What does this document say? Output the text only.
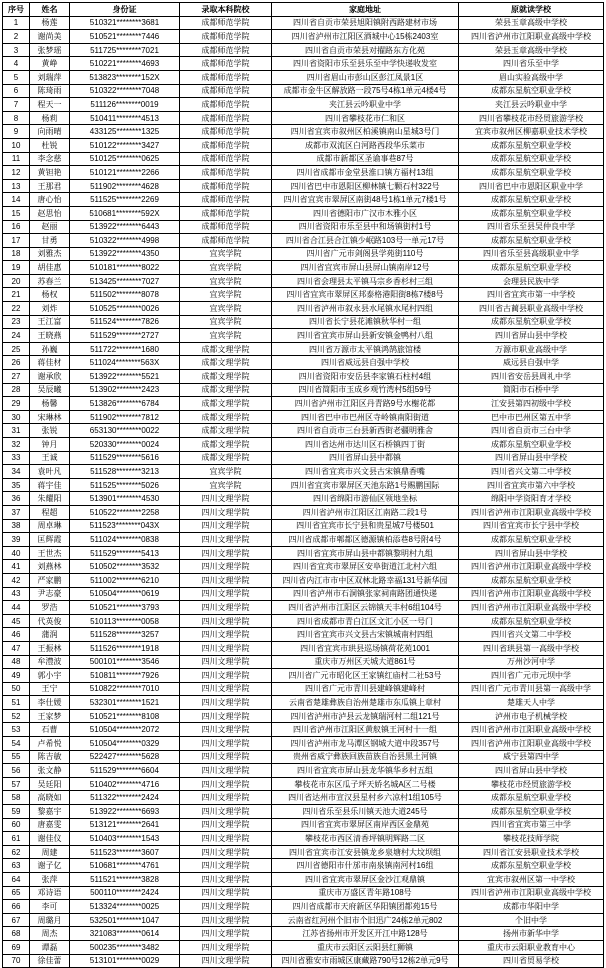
序号	姓名	身份证	录取本科院校	家庭地址	原就读学校
1	杨莲	510321********3681	成都师范学院	四川省自贡市荣县旭阳镇附西路建材市场	荣县玉章高级中学校
2	谢尚美	510521********7446	成都师范学院	四川省泸州市江阳区酒城中心15栋2403室	四川省泸州市江阳职业高级中学校
3	张梦瑶	511725********7021	成都师范学院	四川省自贡市荣县对擢路东方化苑	荣县玉章高级中学校
4	黄峥	510221********4693	成都师范学院	四川省资阳市乐至县乐至中学快递收发室	四川省乐至中学
5	刘瑞萍	513823********152X	成都师范学院	四川省眉山市彭山区彭江凤景1区	眉山实验高级中学
6	陈琦雨	510322********7048	成都师范学院	成都市金牛区解放路一段75号4栋1单元4楼4号	成都东星航空职业学校
7	程天一	511126********0019	成都师范学院	夹江县云吟职业中学	夹江县云吟职业中学
8	杨莉	510411********4513	成都师范学院	四川省攀枝花市仁和区	四川省攀枝花市经贸旅游学校
9	向雨晴	433125********1325	成都师范学院	四川省宜宾市叙州区柏溪镇南山星城3号门	宜宾市叙州区柳嘉职业技术学校
10	杜锐	510122********3427	成都师范学院	成都市双流区白河路西段华乐菜市	成都东星航空职业学校
11	李念慈	510125********0625	成都师范学院	成都市新都区圣谕事巷87号	成都东星航空职业学校
12	黄钽艳	510121********2266	成都师范学院	四川省成都市金堂县淮口镇方福村13组	成都东星航空职业学校
13	王那君	511902********4628	成都师范学院	四川省巴中市恩阳区柳林镇七颗石村322号	四川省巴中市恩阳区职业中学
14	唐心怡	511525********2269	成都师范学院	四川省宜宾市翠屏区南街48号1栋1单元7楼1号	成都东星航空职业学校
15	赵思怡	510681********592X	成都师范学院	四川省德阳市广汉市木雅小区	成都东星航空职业学校
16	赵丽	513922********6443	成都师范学院	四川省资阳市乐至县中和场镇街村1号	四川省乐至县吴仲良中学
17	甘勇	510322********4998	成都师范学院	四川省合江县合江镇少岷路103号一单元17号	成都东星航空职业学校
18	刘雅杰	513922********4350	宜宾学院	四川省广元市剑阁县学苑街110号	四川省乐至县高级职业中学
19	胡佳惠	510181********8022	宜宾学院	四川省宜宾市屏山县屏山镇南岸12号	成都东星航空职业学校
20	苏春兰	513425********7027	宜宾学院	四川省会理县太平镇马宗乡香杉村三组	会理县民族中学
21	杨权	511502********8078	宜宾学院	四川省宜宾市翠屏区邦泰格港阳街8栋7楼8号	四川省宜宾市第一中学校
22	刘炸	510525********0026	宜宾学院	四川省泸州市叙永县水尾镇水尾村四组	四川省古蔺县职业高级中学校
23	王江富	511524********7826	宜宾学院	四川省长宁县花滩镇秋华村一组	成都东星航空职业学校
24	王晓燕	511529********2727	宜宾学院	四川省宜宾市屏山县新安镇金鸭村八组	四川省屏山县中学校
25	孙巍	511722********1680	成都文理学院	四川省万源市太平镇鸿鹄旅馆楼	万源市职业高级中学
26	蒋佳材	511024********563X	成都文理学院	四川省威远县自强中学校	威远县自强中学
27	谢承欣	513922********5521	成都文理学院	四川省资阳市安岳县李家镇石柱村4组	四川省安岳县周礼中学
28	吴辰曦	513902********2423	成都文理学院	四川省简阳市玉成乡观竹湾村5组59号	简阳市石桥中学
29	杨馨	513826********6784	成都文理学院	四川省泸州市江阳区丹青路9号水榭花都	江安县第四初级中学校
30	宋琳林	511902********7812	成都文理学院	四川省巴中市巴州区寺岭镇南阳街道	巴中市巴州区第五中学
31	张锐	653130********0022	成都文理学院	四川省自贡市三台县新西街老疆明雅舍	四川省自贡市三台中学
32	钟月	520330********0024	成都文理学院	四川省达州市达川区石桥镇四丁街	成都东星航空职业学校
33	王诚	511529********5616	成都文理学院	四川省屏山县中都镇	四川省屏山县中学校
34	袁叶凡	511528********3213	宜宾学院	四川省宜宾市兴文县古宋镇鼎香嘴	四川省兴文第二中学校
35	蒋宇佳	511525********5026	宜宾学院	四川省宜宾市翠屏区天池东路1号赐鹏国际	四川省宜宾市第六中学校
36	朱耀阳	513901********4530	四川文理学院	四川省绵阳市游仙区领地坐标	绵阳中学资阳育才学校
37	程超	510522********2258	四川文理学院	四川省泸州市江阳区江南路二段1号	四川省泸州市江阳职业高级中学校
38	周卓琳	511523********043X	四川文理学院	四川省宜宾市长宁县和贵星城7号楼501	四川省宜宾市长宁县中学校
39	匡辉霞	511024********0838	四川文理学院	四川省成都市郫都区德源镇柏添巷8号附4号	成都东星航空职业学校
40	王世杰	511529********5413	四川文理学院	四川省宜宾市屏山县中都镇黎明村九组	四川省屏山县中学校
41	刘燕林	510502********3532	四川文理学院	四川省宜宾市翠屏区安阜街道江北村六组	四川省泸州市江阳职业高级中学校
42	严家鹏	511002********6210	四川文理学院	四川省内江市市中区双林北路幸福131号新华园	成都东星航空职业学校
43	尹志豪	510504********0619	四川文理学院	四川省泸州市石洞镇张家祠南路团通快递	四川省泸州市江阳职业高级中学校
44	罗浩	510521********3793	四川文理学院	四川省泸州市江阳区云锦镇天丰村6组104号	四川省泸州市江阳职业高级中学校
45	代英俊	510113********0058	四川文理学院	四川省成都市青白江区文汇小区一号门	成都东星航空职业学校
46	蒲润	511528********3257	四川文理学院	四川省宜宾市兴文县古宋镇城南村四组	四川省兴文第二中学校
47	王振林	511526********1918	四川文理学院	四川省宜宾市珙县巡场镇荷花苑1001	四川省珙县第一高级中学校
48	牟澧波	500101********3546	四川文理学院	重庆市万州区天城大道861号	万州沙河中学
49	郭小宇	510811********7926	四川文理学院	四川省广元市昭化区王家镇红庙村二社53号	四川省广元市元坝中学
50	王宁	510822********7010	四川文理学院	四川省广元市青川县建峰镇建峰村	四川省广元市青川县第一高级中学
51	李仕媛	532301********1521	四川文理学院	云南省楚雄彝族自治州楚雄市东瓜镇上章村	楚雄天人中学
52	王家梦	510521********8108	四川文理学院	四川省泸州市泸县云龙镇瑞河村二组121号	泸州市电子机械学校
53	石曹	510504********2072	四川文理学院	四川省泸州市江阳区黄舣镇王河村十一组	四川省泸州市江阳职业高级中学校
54	卢希悦	510504********0329	四川文理学院	四川省泸州市龙马潭区钢城大道中段357号	四川省泸州市江阳职业高级中学校
55	陈吉敏	522427********5628	四川文理学院	贵州省威宁彝族回族苗族自治县黑土河镇	威宁县第四中学
56	张文静	511529********6604	四川文理学院	四川省宜宾市屏山县龙华镇华乡村五组	四川省屏山县中学校
57	吴廷阳	510402********4716	四川文理学院	攀枝花市东区瓜子坪天娇名城A区二号楼	攀枝花市经贸旅游学校
58	高晓如	511322********2424	四川文理学院	四川省达州市宣汉县星村乡六凉村1组105号	成都东星航空职业学校
59	黎嘉宇	513922********6693	四川文理学院	四川省乐至县乐川镇天池大道245号	成都东星航空职业学校
60	唐嘉雯	513121********2641	四川文理学院	四川省宜宾市翠屏区南岸西区金鼎苑	四川省宜宾市第三中学
61	谢佳仪	510403********1543	四川文理学院	攀枝花市西区清香坪镇明辉路二区	攀枝花技师学院
62	周建	511523********3607	四川文理学院	四川省宜宾市江安县镇龙乡泉塘村大坟坝组	四川省江安县职业技术学校
63	谢子亿	510681********4761	四川文理学院	四川省德阳市什邡市南泉镇南河村16组	成都东星航空职业学校
64	张萍	511521********3828	四川文理学院	四川省宜宾市翠屏区金沙江观鼎镇	宜宾市叙州区第一中学校
65	邓诗语	500110********2424	四川文理学院	重庆市万盛区青年路108号	四川省泸州市江阳职业高级中学校
66	李可	513324********0025	四川文理学院	四川省成都市天府新区华阳镇团都苑15号	成都市华阳中学
67	周璐月	532501********1047	四川文理学院	云南省红河州个旧市个旧迅广24栋2单元802	个旧中学
68	周杰	321083********0614	四川文理学院	江苏省扬州市开发区开江中路128号	扬州市新华中学
69	谭磊	500235********3482	四川文理学院	重庆市云阳区云阳县红狮镇	重庆市云阳职业教育中心
70	徐佳蕾	513101********0029	四川文理学院	四川省雅安市雨城区康藏路790号12栋2单元9号	四川省贸易学校
